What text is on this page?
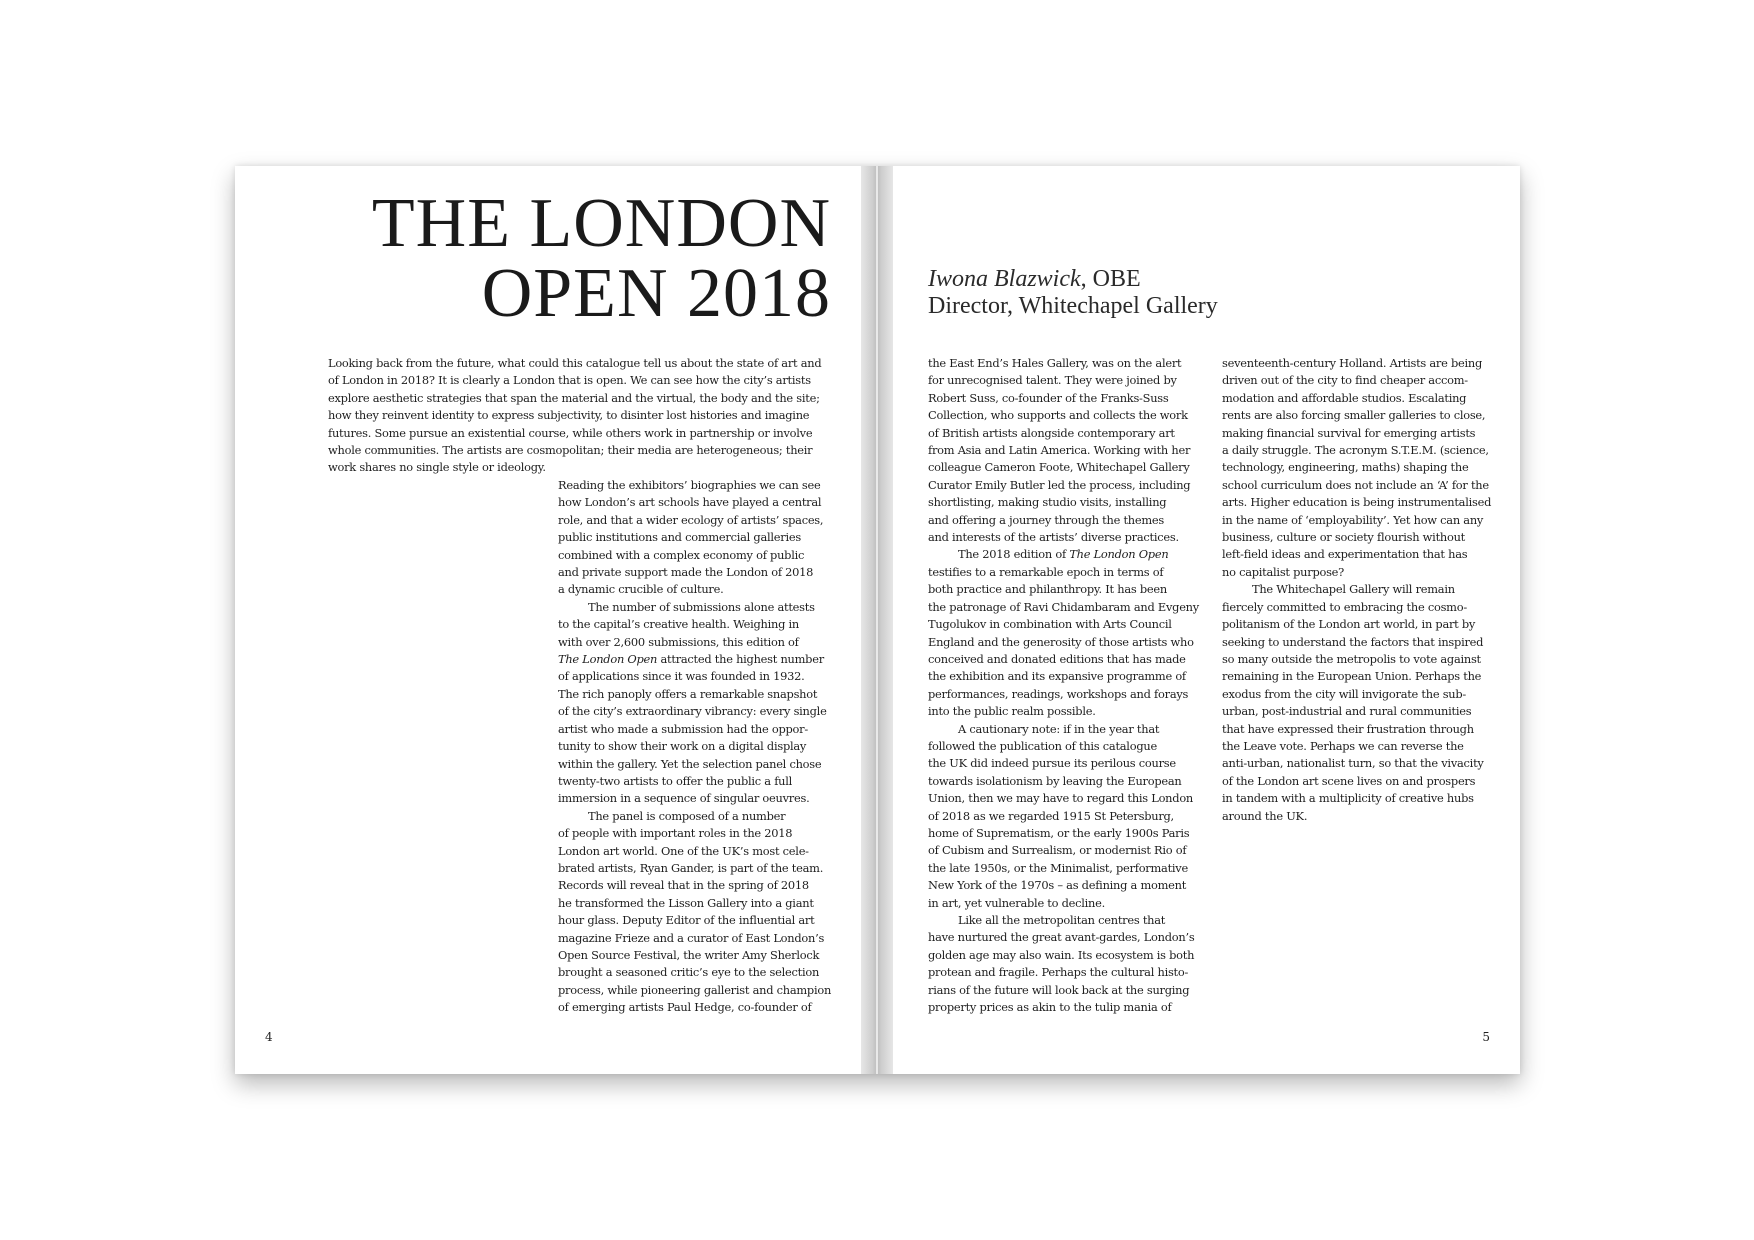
THE LONDON
OPEN 2018
Looking back from the future, what could this catalogue tell us about the state of art and
of London in 2018? It is clearly a London that is open. We can see how the city’s artists
explore aesthetic strategies that span the material and the virtual, the body and the site;
how they reinvent identity to express subjectivity, to disinter lost histories and imagine
futures. Some pursue an existential course, while others work in partnership or involve
whole communities. The artists are cosmopolitan; their media are heterogeneous; their
work shares no single style or ideology.
Reading the exhibitors’ biographies we can see
how London’s art schools have played a central
role, and that a wider ecology of artists’ spaces,
public institutions and commercial galleries
combined with a complex economy of public
and private support made the London of 2018
a dynamic crucible of culture.
The number of submissions alone attests
to the capital’s creative health. Weighing in
with over 2,600 submissions, this edition of
The London Open attracted the highest number
of applications since it was founded in 1932.
The rich panoply offers a remarkable snapshot
of the city’s extraordinary vibrancy: every single
artist who made a submission had the oppor-
tunity to show their work on a digital display
within the gallery. Yet the selection panel chose
twenty-two artists to offer the public a full
immersion in a sequence of singular oeuvres.
The panel is composed of a number
of people with important roles in the 2018
London art world. One of the UK’s most cele-
brated artists, Ryan Gander, is part of the team.
Records will reveal that in the spring of 2018
he transformed the Lisson Gallery into a giant
hour glass. Deputy Editor of the influential art
magazine Frieze and a curator of East London’s
Open Source Festival, the writer Amy Sherlock
brought a seasoned critic’s eye to the selection
process, while pioneering gallerist and champion
of emerging artists Paul Hedge, co-founder of
4
Iwona Blazwick, OBE
Director, Whitechapel Gallery
the East End’s Hales Gallery, was on the alert
for unrecognised talent. They were joined by
Robert Suss, co-founder of the Franks-Suss
Collection, who supports and collects the work
of British artists alongside contemporary art
from Asia and Latin America. Working with her
colleague Cameron Foote, Whitechapel Gallery
Curator Emily Butler led the process, including
shortlisting, making studio visits, installing
and offering a journey through the themes
and interests of the artists’ diverse practices.
The 2018 edition of The London Open
testifies to a remarkable epoch in terms of
both practice and philanthropy. It has been
the patronage of Ravi Chidambaram and Evgeny
Tugolukov in combination with Arts Council
England and the generosity of those artists who
conceived and donated editions that has made
the exhibition and its expansive programme of
performances, readings, workshops and forays
into the public realm possible.
A cautionary note: if in the year that
followed the publication of this catalogue
the UK did indeed pursue its perilous course
towards isolationism by leaving the European
Union, then we may have to regard this London
of 2018 as we regarded 1915 St Petersburg,
home of Suprematism, or the early 1900s Paris
of Cubism and Surrealism, or modernist Rio of
the late 1950s, or the Minimalist, performative
New York of the 1970s – as defining a moment
in art, yet vulnerable to decline.
Like all the metropolitan centres that
have nurtured the great avant-gardes, London’s
golden age may also wain. Its ecosystem is both
protean and fragile. Perhaps the cultural histo-
rians of the future will look back at the surging
property prices as akin to the tulip mania of
seventeenth-century Holland. Artists are being
driven out of the city to find cheaper accom-
modation and affordable studios. Escalating
rents are also forcing smaller galleries to close,
making financial survival for emerging artists
a daily struggle. The acronym S.T.E.M. (science,
technology, engineering, maths) shaping the
school curriculum does not include an ‘A’ for the
arts. Higher education is being instrumentalised
in the name of ‘employability’. Yet how can any
business, culture or society flourish without
left-field ideas and experimentation that has
no capitalist purpose?
The Whitechapel Gallery will remain
fiercely committed to embracing the cosmo-
politanism of the London art world, in part by
seeking to understand the factors that inspired
so many outside the metropolis to vote against
remaining in the European Union. Perhaps the
exodus from the city will invigorate the sub-
urban, post-industrial and rural communities
that have expressed their frustration through
the Leave vote. Perhaps we can reverse the
anti-urban, nationalist turn, so that the vivacity
of the London art scene lives on and prospers
in tandem with a multiplicity of creative hubs
around the UK.
5
